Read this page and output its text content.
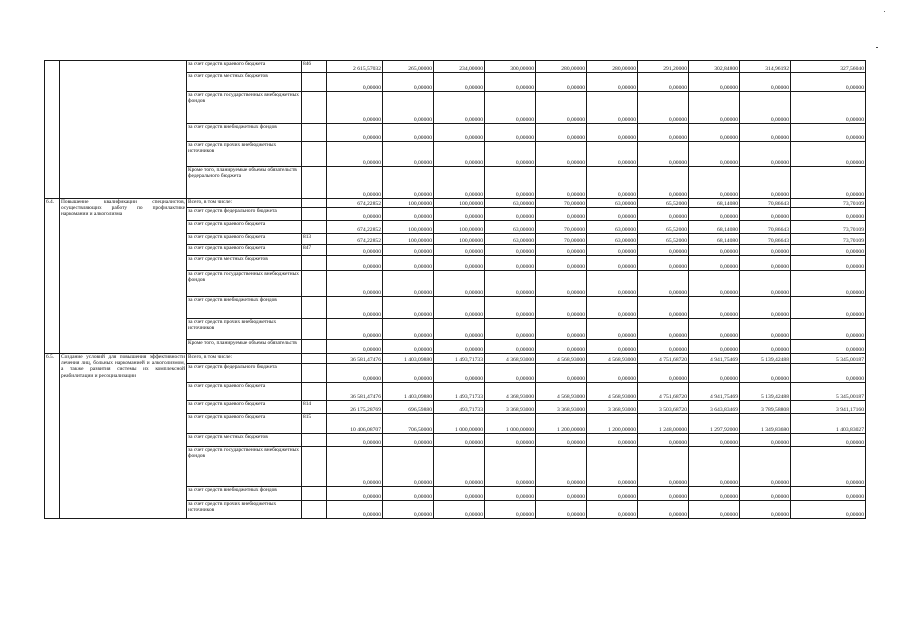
		за счет средств краевого бюджета	846	2 615,57032	265,00000	234,00000	300,00000	280,00000	280,00000	291,20000	302,84800	314,96192	327,56040
		за счет средств местных бюджетов		0,00000	0,00000	0,00000	0,00000	0,00000	0,00000	0,00000	0,00000	0,00000	0,00000
		за счет средств государственных внебюджетных фондов		0,00000	0,00000	0,00000	0,00000	0,00000	0,00000	0,00000	0,00000	0,00000	0,00000
		за счет средств внебюджетных фондов		0,00000	0,00000	0,00000	0,00000	0,00000	0,00000	0,00000	0,00000	0,00000	0,00000
		за счет средств прочих внебюджетных источников		0,00000	0,00000	0,00000	0,00000	0,00000	0,00000	0,00000	0,00000	0,00000	0,00000
		Кроме того, планируемые объемы обязательств федерального бюджета		0,00000	0,00000	0,00000	0,00000	0,00000	0,00000	0,00000	0,00000	0,00000	0,00000
6.4.	Повышение квалификации специалистов, осуществляющих работу по профилактике наркомании и алкоголизма	Всего, в том числе:		674,22852	100,00000	100,00000	63,00000	70,00000	63,00000	65,52000	68,14080	70,86643	73,70109
		за счет средств федерального бюджета		0,00000	0,00000	0,00000	0,00000	0,00000	0,00000	0,00000	0,00000	0,00000	0,00000
		за счет средств краевого бюджета		674,22852	100,00000	100,00000	63,00000	70,00000	63,00000	65,52000	68,14080	70,86643	73,70109
		за счет средств краевого бюджета	813	674,22852	100,00000	100,00000	63,00000	70,00000	63,00000	65,52000	68,14080	70,86643	73,70109
		за счет средств краевого бюджета	847	0,00000	0,00000	0,00000	0,00000	0,00000	0,00000	0,00000	0,00000	0,00000	0,00000
		за счет средств местных бюджетов		0,00000	0,00000	0,00000	0,00000	0,00000	0,00000	0,00000	0,00000	0,00000	0,00000
		за счет средств государственных внебюджетных фондов		0,00000	0,00000	0,00000	0,00000	0,00000	0,00000	0,00000	0,00000	0,00000	0,00000
		за счет средств внебюджетных фондов		0,00000	0,00000	0,00000	0,00000	0,00000	0,00000	0,00000	0,00000	0,00000	0,00000
		за счет средств прочих внебюджетных источников		0,00000	0,00000	0,00000	0,00000	0,00000	0,00000	0,00000	0,00000	0,00000	0,00000
		Кроме того, планируемые объемы обязательств		0,00000	0,00000	0,00000	0,00000	0,00000	0,00000	0,00000	0,00000	0,00000	0,00000
6.5.	Создание условий для повышения эффективности лечения лиц, больных наркоманией и алкоголизмом, а также развития системы их комплексной реабилитации и ресоциализации	Всего, в том числе:		36 581,47476	1 403,09880	1 493,71733	4 368,93000	4 568,93000	4 568,93000	4 751,68720	4 941,75469	5 139,42488	5 345,00187
		за счет средств федерального бюджета		0,00000	0,00000	0,00000	0,00000	0,00000	0,00000	0,00000	0,00000	0,00000	0,00000
		за счет средств краевого бюджета		36 581,47476	1 403,09880	1 493,71733	4 368,93000	4 568,93000	4 568,93000	4 751,68720	4 941,75469	5 139,42488	5 345,00187
		за счет средств краевого бюджета	814	26 175,28769	696,59880	493,71733	3 368,93000	3 368,93000	3 368,93000	3 503,68720	3 643,83469	3 789,58808	3 941,17160
		за счет средств краевого бюджета	815	10 406,08707	706,50000	1 000,00000	1 000,00000	1 200,00000	1 200,00000	1 248,00000	1 297,92000	1 349,83680	1 403,83027
		за счет средств местных бюджетов		0,00000	0,00000	0,00000	0,00000	0,00000	0,00000	0,00000	0,00000	0,00000	0,00000
		за счет средств государственных внебюджетных фондов		0,00000	0,00000	0,00000	0,00000	0,00000	0,00000	0,00000	0,00000	0,00000	0,00000
		за счет средств внебюджетных фондов		0,00000	0,00000	0,00000	0,00000	0,00000	0,00000	0,00000	0,00000	0,00000	0,00000
		за счет средств прочих внебюджетных источников		0,00000	0,00000	0,00000	0,00000	0,00000	0,00000	0,00000	0,00000	0,00000	0,00000
